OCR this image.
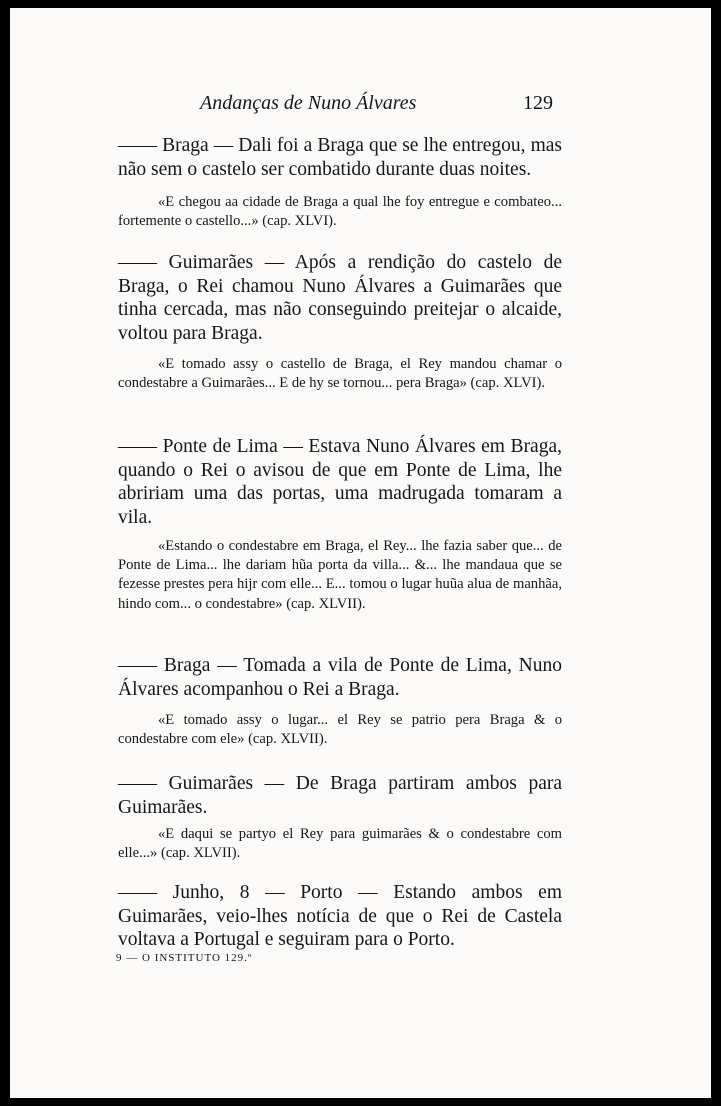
Andanças de Nuno Álvares	129

—— Braga — Dali foi a Braga que se lhe entregou, mas não sem o castelo ser combatido durante duas noites.

«E chegou aa cidade de Braga a qual lhe foy entregue e combateo... fortemente o castello...» (cap. XLVI).

—— Guimarães — Após a rendição do castelo de Braga, o Rei chamou Nuno Álvares a Guimarães que tinha cercada, mas não conseguindo preitejar o alcaide, voltou para Braga.

«E tomado assy o castello de Braga, el Rey mandou chamar o condestabre a Guimarães... E de hy se tornou... pera Braga» (cap. XLVI).

—— Ponte de Lima — Estava Nuno Álvares em Braga, quando o Rei o avisou de que em Ponte de Lima, lhe abririam uma das portas, uma madrugada tomaram a vila.

«Estando o condestabre em Braga, el Rey... lhe fazia saber que... de Ponte de Lima... lhe dariam hũa porta da villa... &... lhe mandaua que se fezesse prestes pera hijr com elle... E... tomou o lugar huũa alua de manhãa, hindo com... o condestabre» (cap. XLVII).

—— Braga — Tomada a vila de Ponte de Lima, Nuno Álvares acompanhou o Rei a Braga.

«E tomado assy o lugar... el Rey se patrio pera Braga & o condestabre com ele» (cap. XLVII).

—— Guimarães — De Braga partiram ambos para Guimarães.

«E daqui se partyo el Rey para guimarães & o condestabre com elle...» (cap. XLVII).

—— Junho, 8 — Porto — Estando ambos em Guimarães, veio-lhes notícia de que o Rei de Castela voltava a Portugal e seguiram para o Porto.

9 — O INSTITUTO 129.º
